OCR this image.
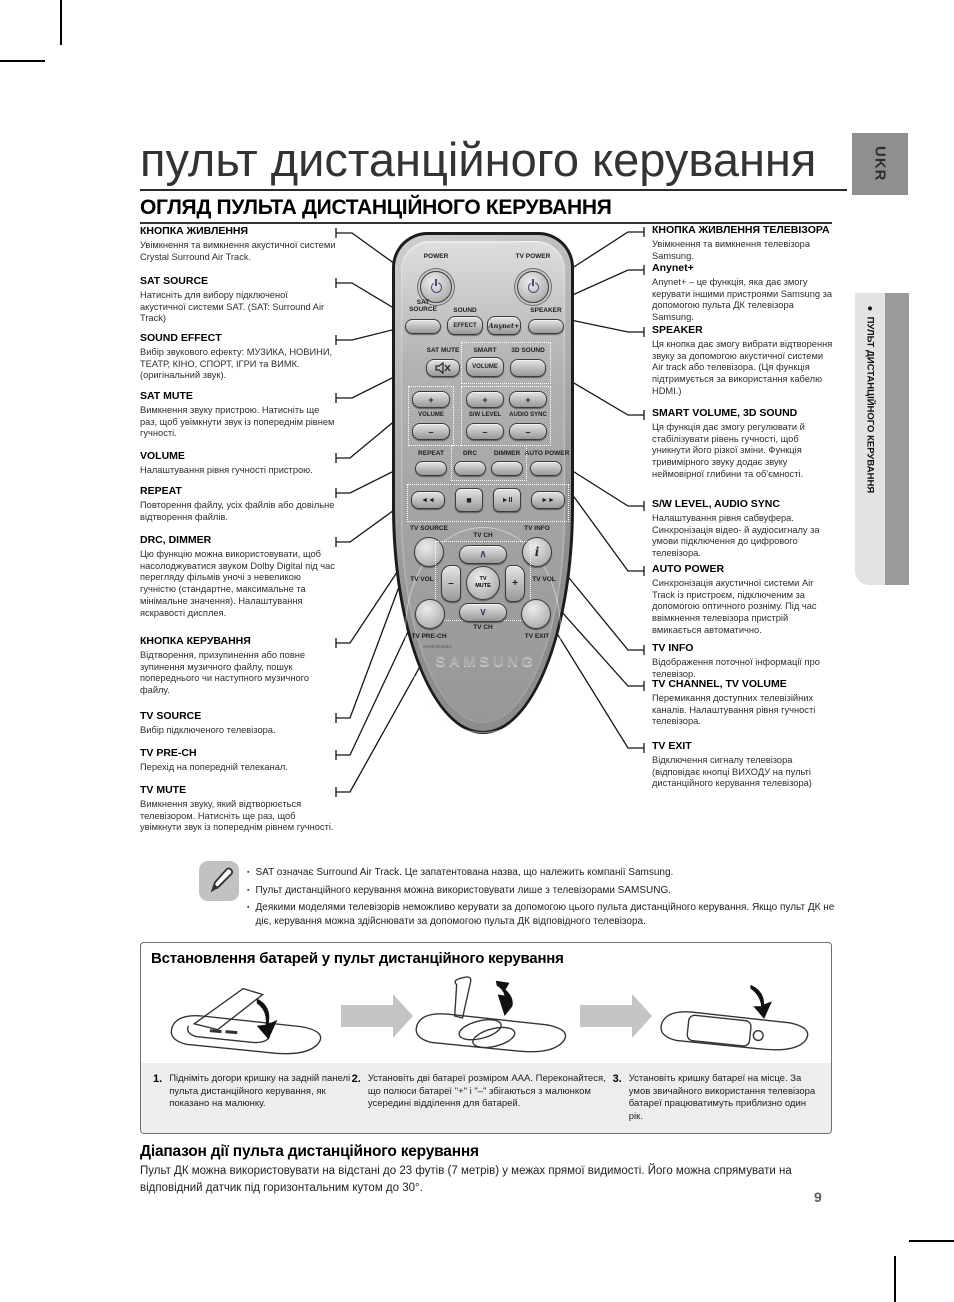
пульт дистанційного керування	UKR
● ПУЛЬТ ДИСТАНЦІЙНОГО КЕРУВАННЯ
ОГЛЯД ПУЛЬТА ДИСТАНЦІЙНОГО КЕРУВАННЯ
КНОПКА ЖИВЛЕННЯ

Увімкнення та вимкнення акустичної системи Crystal Surround Air Track.

SAT SOURCE

Натисніть для вибору підключеної акустичної системи SAT. (SAT: Surround Air Track)

SOUND EFFECT

Вибір звукового ефекту: МУЗИКА, НОВИНИ, ТЕАТР, КІНО, СПОРТ, ІГРИ та ВИМК. (оригінальний звук).

SAT MUTE

Вимкнення звуку пристрою. Натисніть ще раз, щоб увімкнути звук із попереднім рівнем гучності.

VOLUME

Налаштування рівня гучності пристрою.

REPEAT

Повторення файлу, усіх файлів або довільне відтворення файлів.

DRC, DIMMER

Цю функцію можна використовувати, щоб насолоджуватися звуком Dolby Digital під час перегляду фільмів уночі з невеликою гучністю (стандартне, максимальне та мінімальне значення). Налаштування яскравості дисплея.

КНОПКА КЕРУВАННЯ

Відтворення, призупинення або повне зупинення музичного файлу, пошук попереднього чи наступного музичного файлу.

TV SOURCE

Вибір підключеного телевізора.

TV PRE-CH

Перехід на попередній телеканал.

TV MUTE

Вимкнення звуку, який відтворюється телевізором. Натисніть ще раз, щоб увімкнути звук із попереднім рівнем гучності.

КНОПКА ЖИВЛЕННЯ ТЕЛЕВІЗОРА

Увімкнення та вимкнення телевізора Samsung.

Anynet+

Anynet+ – це функція, яка дає змогу керувати іншими пристроями Samsung за допомогою пульта ДК телевізора Samsung.

SPEAKER

Ця кнопка дає змогу вибрати відтворення звуку за допомогою акустичної системи Air track або телевізора. (Ця функція підтримується за використання кабелю HDMI.)

SMART VOLUME, 3D SOUND

Ця функція дає змогу регулювати й стабілізувати рівень гучності, щоб уникнути його різкої зміни. Функція тривимірного звуку додає звуку неймовірної глибини та об'ємності.

S/W LEVEL, AUDIO SYNC

Налаштування рівня сабвуфера. Синхронізація відео- й аудіосигналу за умови підключення до цифрового телевізора.

AUTO POWER

Синхронізація акустичної системи Air Track із пристроєм, підключеним за допомогою оптичного розніму. Під час ввімкнення телевізора пристрій вмикається автоматично.

TV INFO

Відображення поточної інформації про телевізор.

TV CHANNEL, TV VOLUME

Перемикання доступних телевізійних каналів. Налаштування рівня гучності телевізора.

TV EXIT

Відключення сигналу телевізора (відповідає кнопці ВИХОДУ на пульті дистанційного керування телевізора)

POWER	TV POWER
SAT
SOURCE	SOUND	SPEAKER
EFFECT	Anynet+
SAT MUTE SMART 3D SOUND
VOLUME
+	+	+
VOLUME	S/W LEVEL AUDIO SYNC
–	–	–
REPEAT	DRC	DIMMER AUTO POWER
◄◄	■	►II	►►
TV SOURCE	TV INFO
TV CH
i
∧
TV VOL	TV VOL
–	+
TV
MUTE
∨
TV CH
TV PRE-CH	TV EXIT
AH59-02434A
SAMSUNG
▪ SAT означає Surround Air Track. Це запатентована назва, що належить компанії Samsung.
▪ Пульт дистанційного керування можна використовувати лише з телевізорами SAMSUNG.
▪ Деякими моделями телевізорів неможливо керувати за допомогою цього пульта дистанційного керування. Якщо пульт ДК не діє, керування можна здійснювати за допомогою пульта ДК відповідного телевізора.
Встановлення батарей у пульт дистанційного керування
1. Підніміть догори кришку на задній панелі пульта дистанційного керування, як показано на малюнку.
2. Установіть дві батареї розміром AAA. Переконайтеся, що полюси батареї "+" і "–" збігаються з малюнком усередині відділення для батарей.
3. Установіть кришку батареї на місце. За умов звичайного використання телевізора батареї працюватимуть приблизно один рік.
Діапазон дії пульта дистанційного керування

Пульт ДК можна використовувати на відстані до 23 футів (7 метрів) у межах прямої видимості. Його можна спрямувати на відповідний датчик під горизонтальним кутом до 30°.

9
